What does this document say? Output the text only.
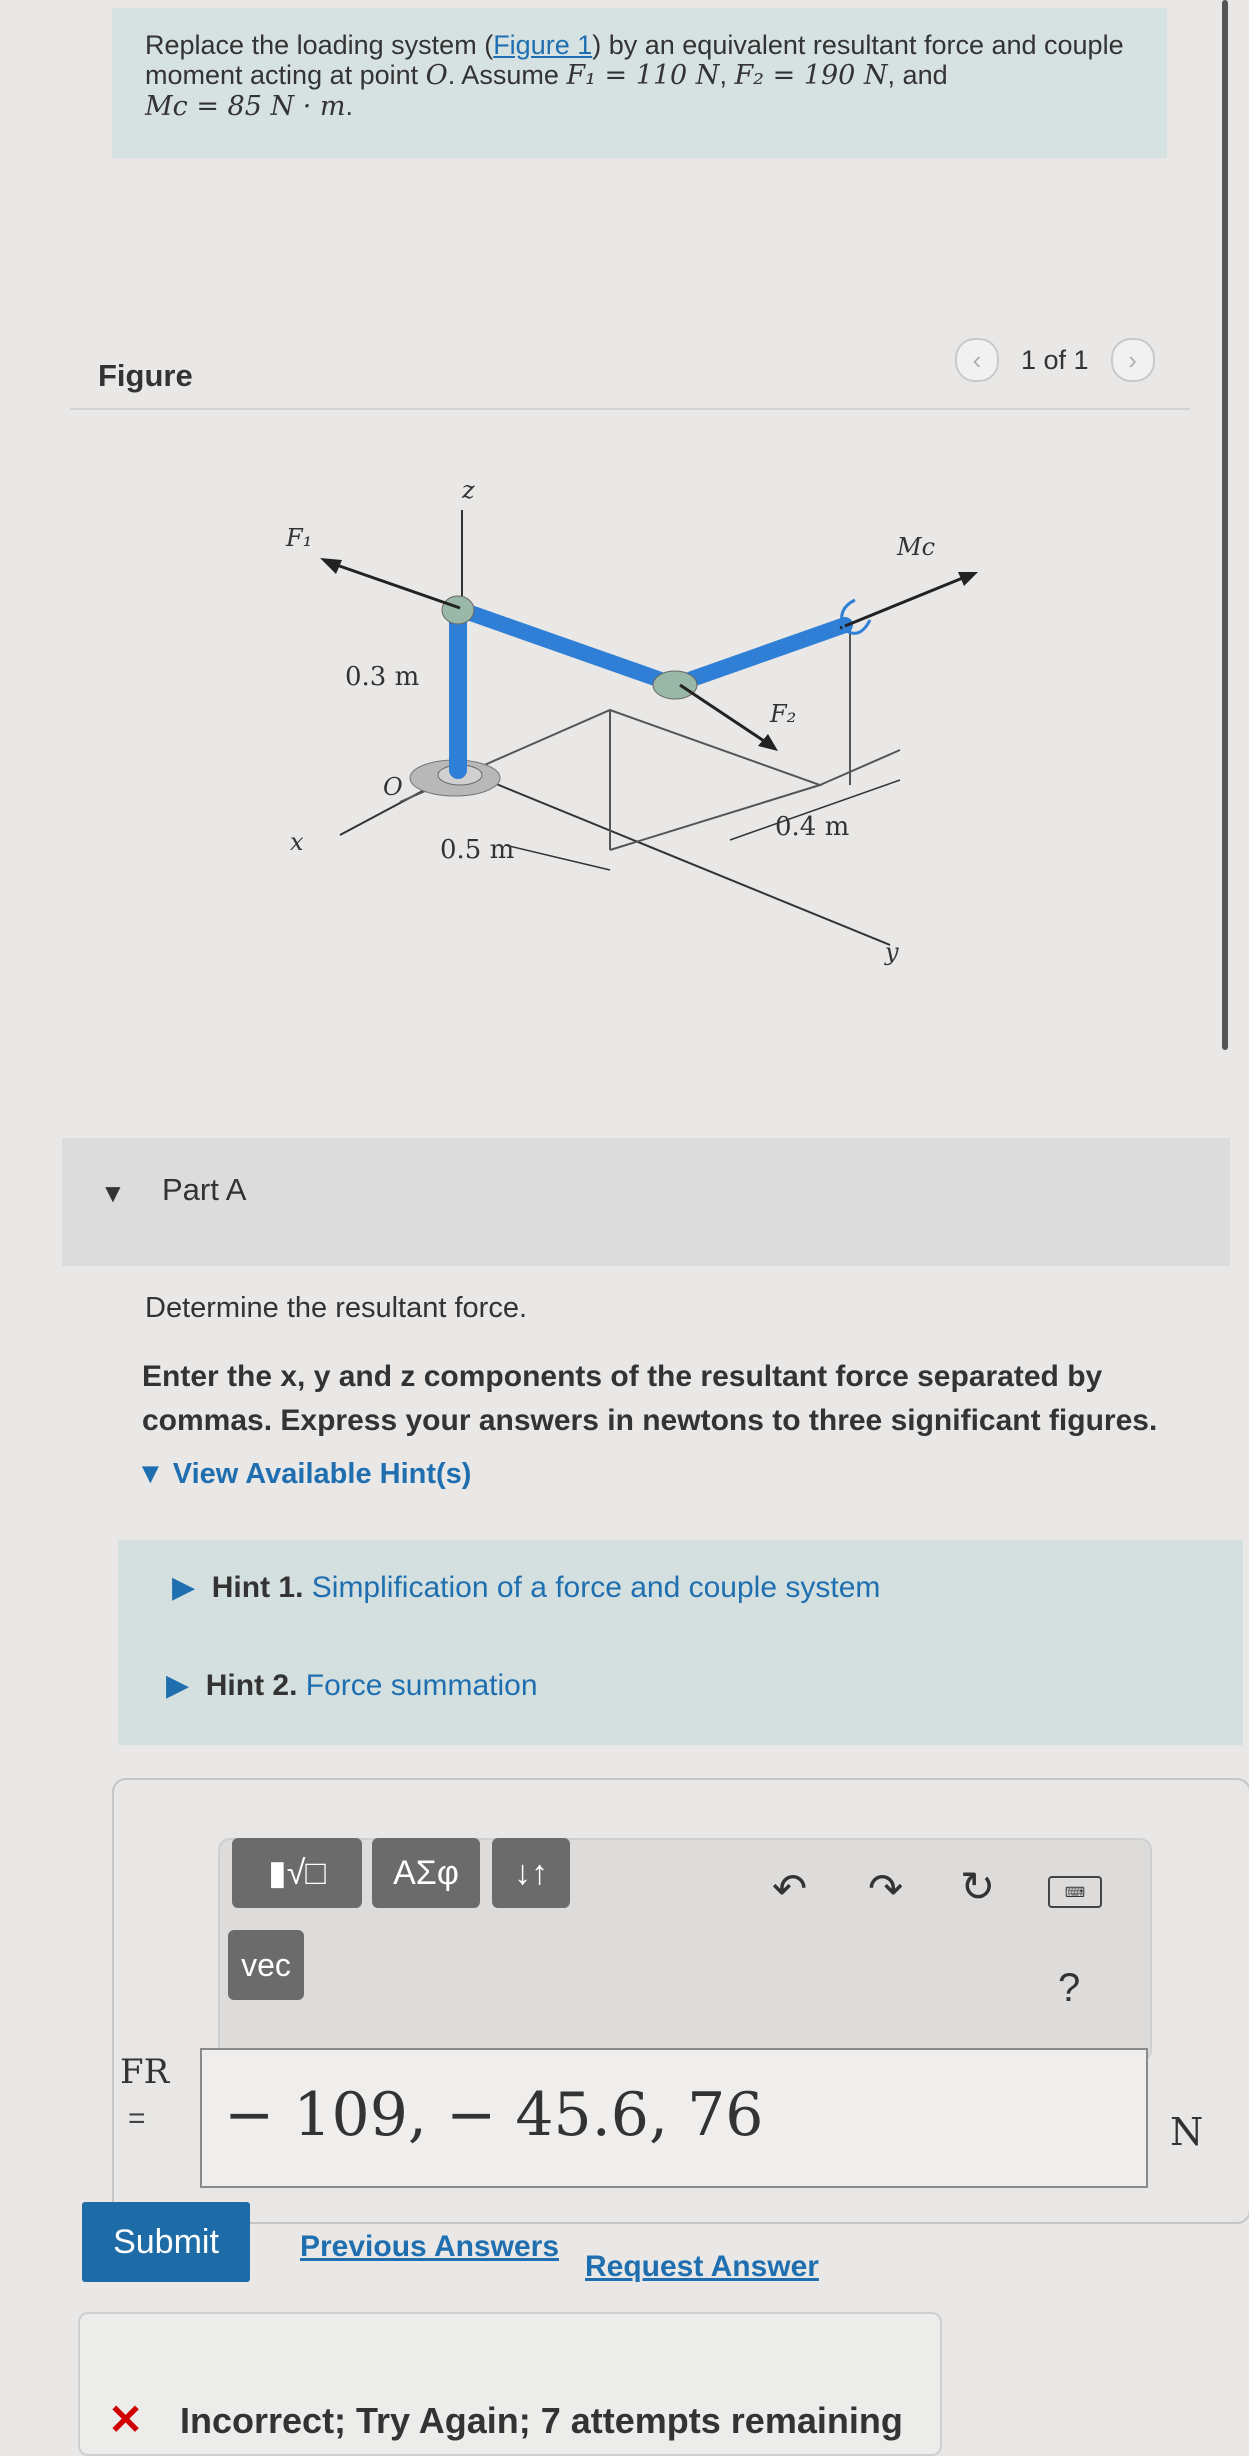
Replace the loading system (Figure 1) by an equivalent resultant force and couple moment acting at point O. Assume F₁ = 110 N, F₂ = 190 N, and
Mc = 85 N · m.
Figure	‹	1 of 1	›
z
x
y
F₁
F₂
Mc
O
0.3 m
0.5 m
0.4 m
▼ Part A
Determine the resultant force.
Enter the x, y and z components of the resultant force separated by commas. Express your answers in newtons to three significant figures.
▼ View Available Hint(s)
▶  Hint 1. Simplification of a force and couple system
▶  Hint 2. Force summation
▮√□	ΑΣφ	↓↑
vec
↶ ↷ ↻	⌨
?
FR
=	− 109, − 45.6, 76	N
Submit	Previous Answers
Request Answer
✕ Incorrect; Try Again; 7 attempts remaining
